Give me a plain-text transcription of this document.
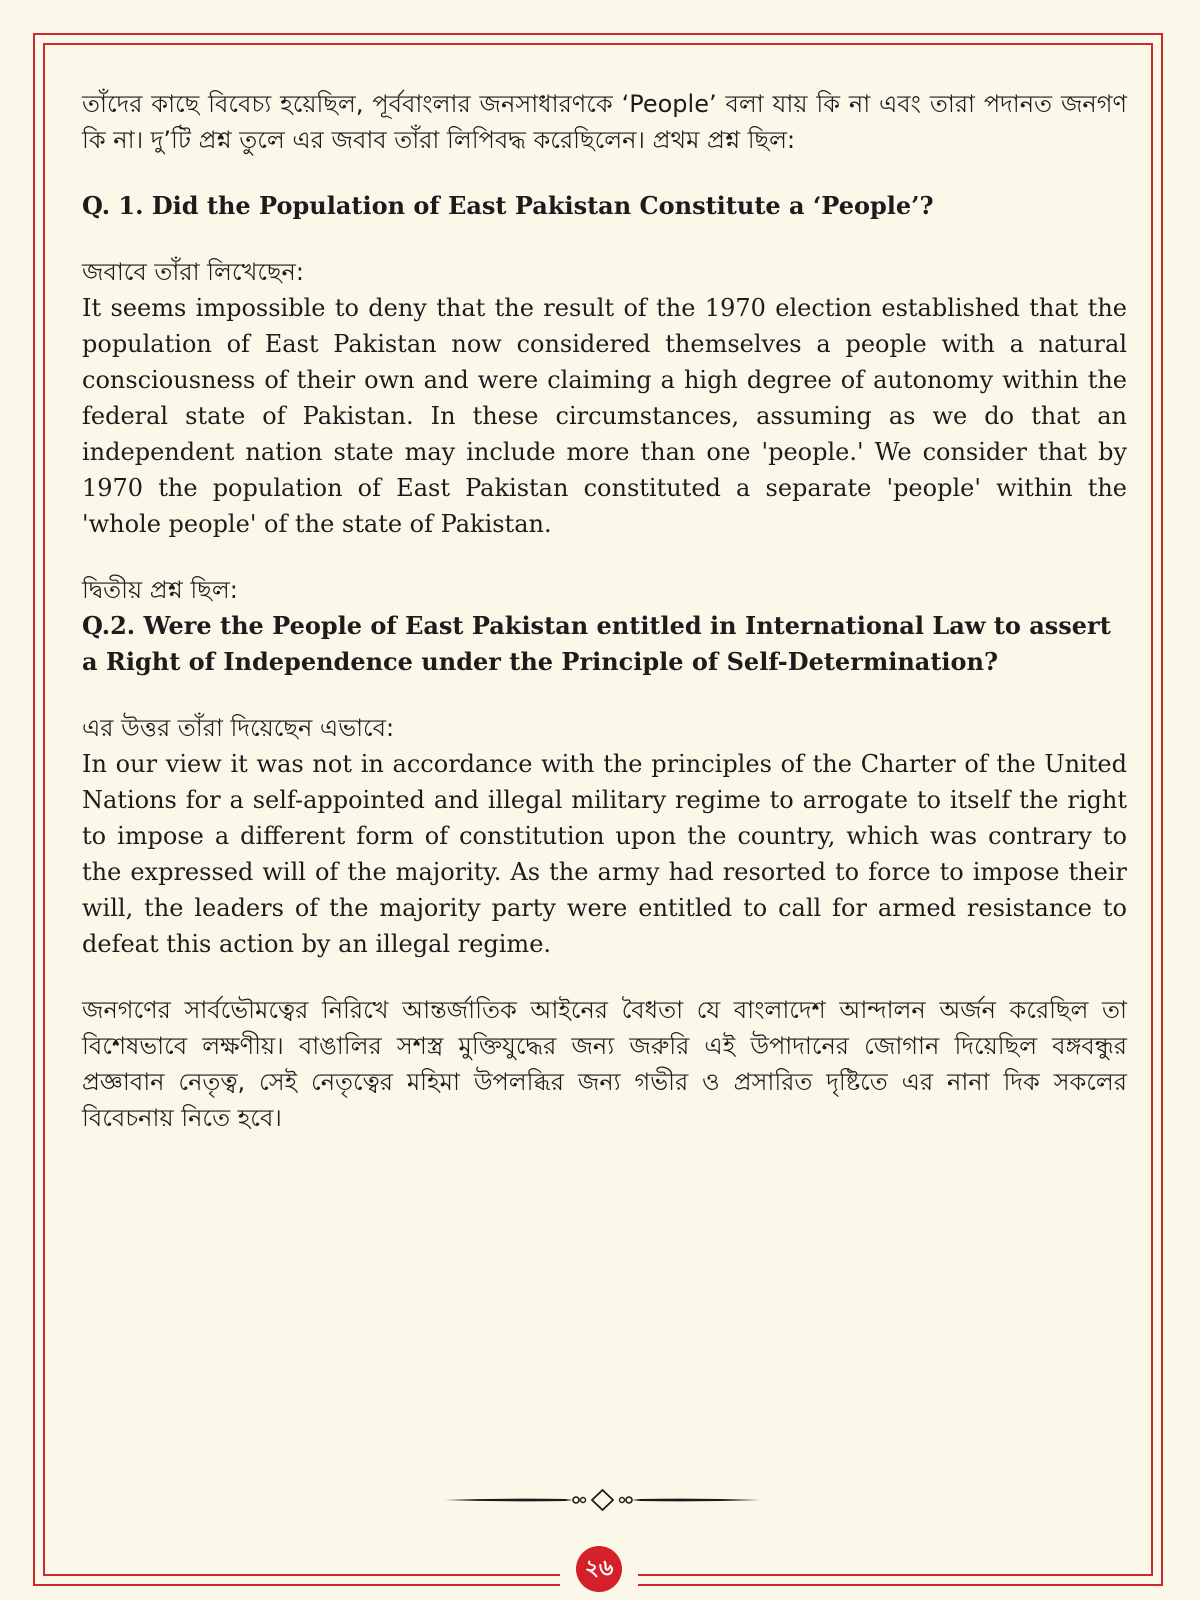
তাঁদের কাছে বিবেচ্য হয়েছিল, পূর্ববাংলার জনসাধারণকে ‘People’ বলা যায় কি না এবং তারা পদানত জনগণ কি না। দু’টি প্রশ্ন তুলে এর জবাব তাঁরা লিপিবদ্ধ করেছিলেন। প্রথম প্রশ্ন ছিল:

Q. 1. Did the Population of East Pakistan Constitute a ‘People’?

জবাবে তাঁরা লিখেছেন:

It seems impossible to deny that the result of the 1970 election established that the population of East Pakistan now considered themselves a people with a natural consciousness of their own and were claiming a high degree of autonomy within the federal state of Pakistan. In these circumstances, assuming as we do that an independent nation state may include more than one 'people.' We consider that by 1970 the population of East Pakistan constituted a separate 'people' within the 'whole people' of the state of Pakistan.

দ্বিতীয় প্রশ্ন ছিল:

Q.2. Were the People of East Pakistan entitled in International Law to assert a Right of Independence under the Principle of Self-Determination?

এর উত্তর তাঁরা দিয়েছেন এভাবে:

In our view it was not in accordance with the principles of the Charter of the United Nations for a self-appointed and illegal military regime to arrogate to itself the right to impose a different form of constitution upon the country, which was contrary to the expressed will of the majority. As the army had resorted to force to impose their will, the leaders of the majority party were entitled to call for armed resistance to defeat this action by an illegal regime.

জনগণের সার্বভৌমত্বের নিরিখে আন্তর্জাতিক আইনের বৈধতা যে বাংলাদেশ আন্দালন অর্জন করেছিল তা বিশেষভাবে লক্ষণীয়। বাঙালির সশস্ত্র মুক্তিযুদ্ধের জন্য জরুরি এই উপাদানের জোগান দিয়েছিল বঙ্গবন্ধুর প্রজ্ঞাবান নেতৃত্ব, সেই নেতৃত্বের মহিমা উপলব্ধির জন্য গভীর ও প্রসারিত দৃষ্টিতে এর নানা দিক সকলের বিবেচনায় নিতে হবে।

২৬
